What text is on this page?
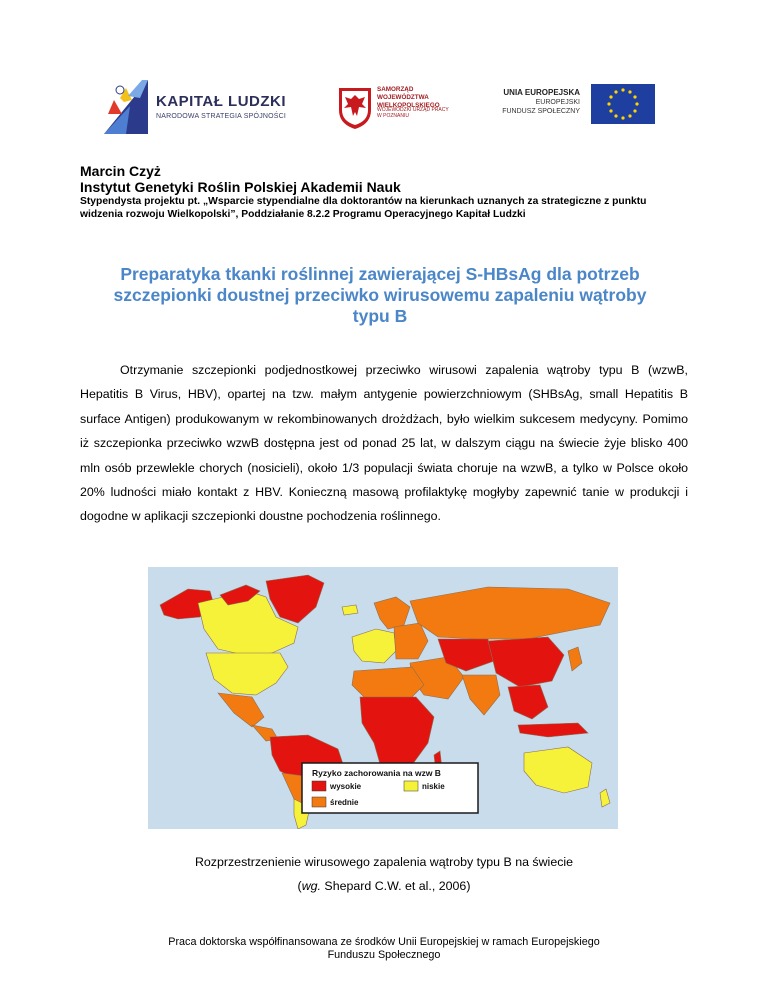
KAPITAŁ LUDZKI
NARODOWA STRATEGIA SPÓJNOŚCI
SAMORZĄD WOJEWÓDZTWA
WIELKOPOLSKIEGO
WOJEWÓDZKI URZĄD PRACY
W POZNANIU
UNIA EUROPEJSKA
EUROPEJSKI
FUNDUSZ SPOŁECZNY
Marcin Czyż
Instytut Genetyki Roślin Polskiej Akademii Nauk
Stypendysta projektu pt. „Wsparcie stypendialne dla doktorantów na kierunkach uznanych za strategiczne z punktu widzenia rozwoju Wielkopolski”, Poddziałanie 8.2.2 Programu Operacyjnego Kapitał Ludzki
Preparatyka tkanki roślinnej zawierającej S-HBsAg dla potrzeb szczepionki doustnej przeciwko wirusowemu zapaleniu wątroby typu B
Otrzymanie szczepionki podjednostkowej przeciwko wirusowi zapalenia wątroby typu B (wzwB, Hepatitis B Virus, HBV), opartej na tzw. małym antygenie powierzchniowym (SHBsAg, small Hepatitis B surface Antigen) produkowanym w rekombinowanych drożdżach, było wielkim sukcesem medycyny. Pomimo iż szczepionka przeciwko wzwB dostępna jest od ponad 25 lat, w dalszym ciągu na świecie żyje blisko 400 mln osób przewlekle chorych (nosicieli), około 1/3 populacji świata choruje na wzwB, a tylko w Polsce około 20% ludności miało kontakt z HBV. Konieczną masową profilaktykę mogłyby zapewnić tanie w produkcji i dogodne w aplikacji szczepionki doustne pochodzenia roślinnego.
Ryzyko zachorowania na wzw B
wysokie	niskie
średnie
Rozprzestrzenienie wirusowego zapalenia wątroby typu B na świecie
(wg. Shepard C.W. et al., 2006)
Praca doktorska współfinansowana ze środków Unii Europejskiej w ramach Europejskiego Funduszu Społecznego
